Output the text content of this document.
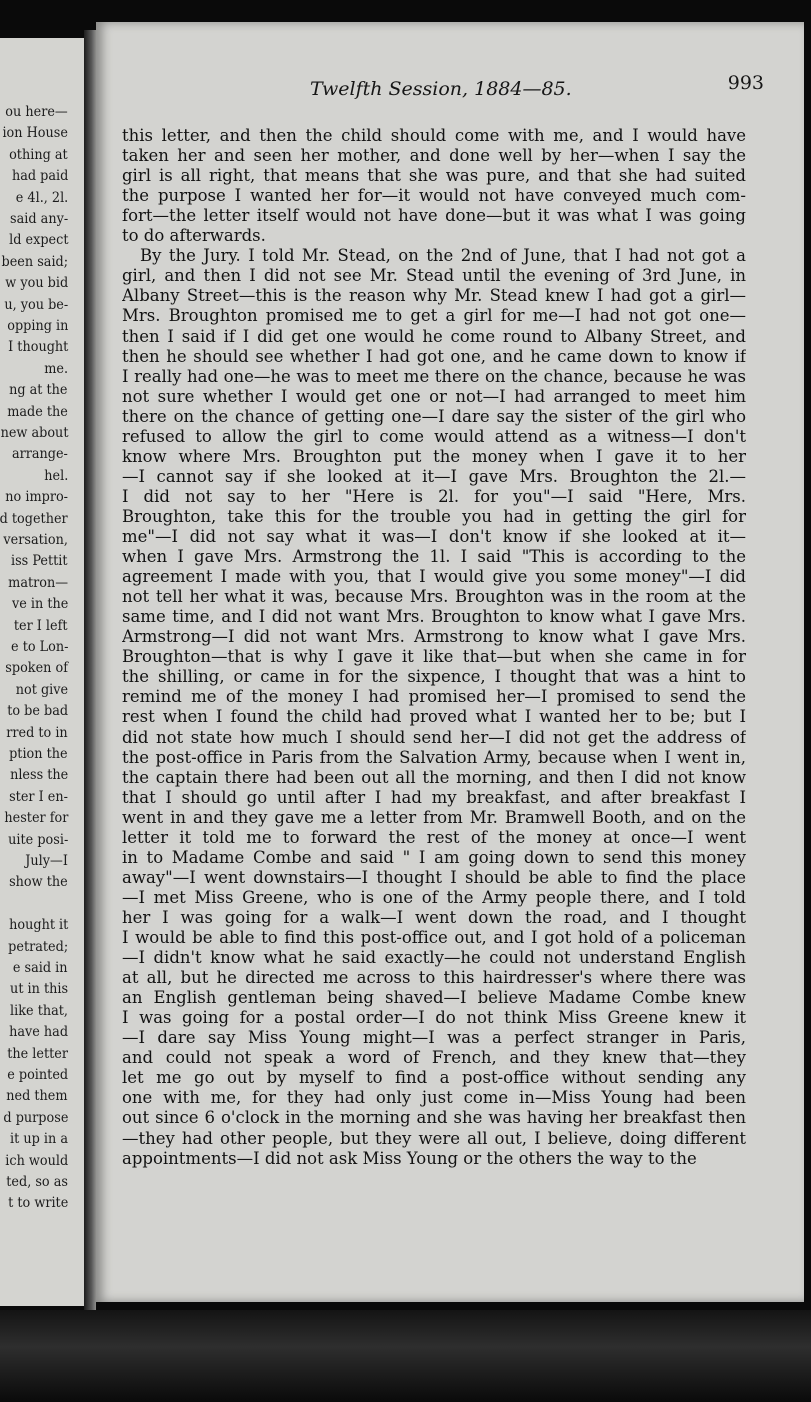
ou here—
ion House
othing at
had paid
e 4l., 2l.
said any-
ld expect
been said;
w you bid
u, you be-
opping in
I thought
me.
ng at the
made the
new about
arrange-
hel.
no impro-
d together
versation,
iss Pettit
matron—
ve in the
ter I left
e to Lon-
spoken of
not give
to be bad
rred to in
ption the
nless the
ster I en-
hester for
uite posi-
July—I
show the
hought it
petrated;
e said in
ut in this
like that,
have had
the letter
e pointed
ned them
d purpose
it up in a
ich would
ted, so as
t to write
Twelfth Session, 1884—85.	993
this letter, and then the child should come with me, and I would have
taken her and seen her mother, and done well by her—when I say the
girl is all right, that means that she was pure, and that she had suited
the purpose I wanted her for—it would not have conveyed much com-
fort—the letter itself would not have done—but it was what I was going
to do afterwards.
By the Jury. I told Mr. Stead, on the 2nd of June, that I had not got a
girl, and then I did not see Mr. Stead until the evening of 3rd June, in
Albany Street—this is the reason why Mr. Stead knew I had got a girl—
Mrs. Broughton promised me to get a girl for me—I had not got one—
then I said if I did get one would he come round to Albany Street, and
then he should see whether I had got one, and he came down to know if
I really had one—he was to meet me there on the chance, because he was
not sure whether I would get one or not—I had arranged to meet him
there on the chance of getting one—I dare say the sister of the girl who
refused to allow the girl to come would attend as a witness—I don't
know where Mrs. Broughton put the money when I gave it to her
—I cannot say if she looked at it—I gave Mrs. Broughton the 2l.—
I did not say to her "Here is 2l. for you"—I said "Here, Mrs.
Broughton, take this for the trouble you had in getting the girl for
me"—I did not say what it was—I don't know if she looked at it—
when I gave Mrs. Armstrong the 1l. I said "This is according to the
agreement I made with you, that I would give you some money"—I did
not tell her what it was, because Mrs. Broughton was in the room at the
same time, and I did not want Mrs. Broughton to know what I gave Mrs.
Armstrong—I did not want Mrs. Armstrong to know what I gave Mrs.
Broughton—that is why I gave it like that—but when she came in for
the shilling, or came in for the sixpence, I thought that was a hint to
remind me of the money I had promised her—I promised to send the
rest when I found the child had proved what I wanted her to be; but I
did not state how much I should send her—I did not get the address of
the post-office in Paris from the Salvation Army, because when I went in,
the captain there had been out all the morning, and then I did not know
that I should go until after I had my breakfast, and after breakfast I
went in and they gave me a letter from Mr. Bramwell Booth, and on the
letter it told me to forward the rest of the money at once—I went
in to Madame Combe and said " I am going down to send this money
away"—I went downstairs—I thought I should be able to find the place
—I met Miss Greene, who is one of the Army people there, and I told
her I was going for a walk—I went down the road, and I thought
I would be able to find this post-office out, and I got hold of a policeman
—I didn't know what he said exactly—he could not understand English
at all, but he directed me across to this hairdresser's where there was
an English gentleman being shaved—I believe Madame Combe knew
I was going for a postal order—I do not think Miss Greene knew it
—I dare say Miss Young might—I was a perfect stranger in Paris,
and could not speak a word of French, and they knew that—they
let me go out by myself to find a post-office without sending any
one with me, for they had only just come in—Miss Young had been
out since 6 o'clock in the morning and she was having her breakfast then
—they had other people, but they were all out, I believe, doing different
appointments—I did not ask Miss Young or the others the way to the
